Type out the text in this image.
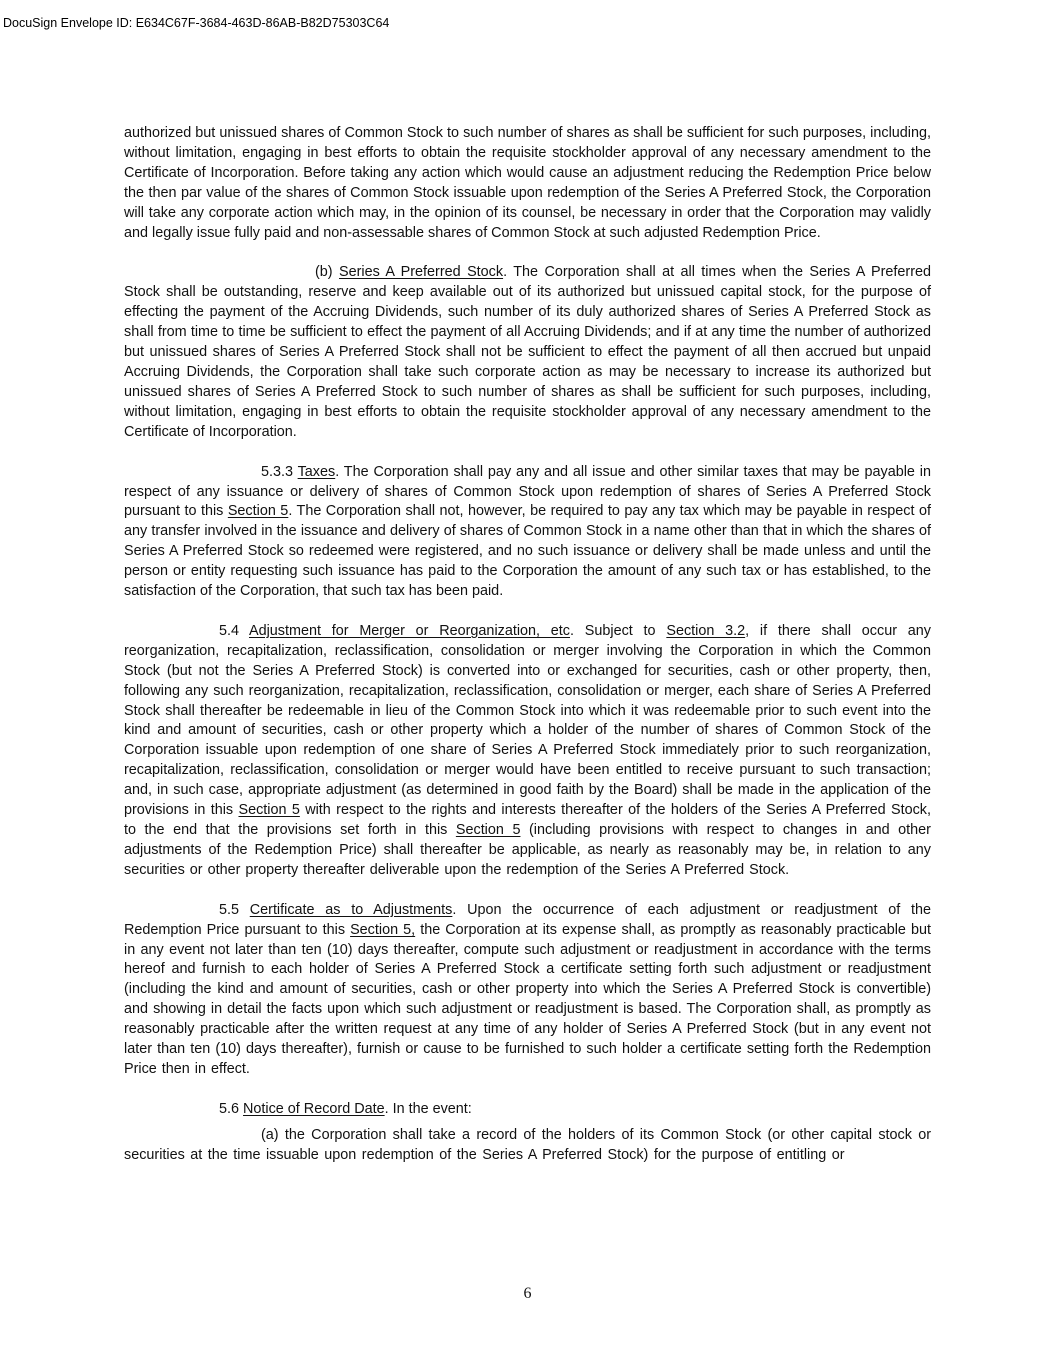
DocuSign Envelope ID: E634C67F-3684-463D-86AB-B82D75303C64

authorized but unissued shares of Common Stock to such number of shares as shall be sufficient for such purposes, including, without limitation, engaging in best efforts to obtain the requisite stockholder approval of any necessary amendment to the Certificate of Incorporation. Before taking any action which would cause an adjustment reducing the Redemption Price below the then par value of the shares of Common Stock issuable upon redemption of the Series A Preferred Stock, the Corporation will take any corporate action which may, in the opinion of its counsel, be necessary in order that the Corporation may validly and legally issue fully paid and non-assessable shares of Common Stock at such adjusted Redemption Price.

(b) Series A Preferred Stock. The Corporation shall at all times when the Series A Preferred Stock shall be outstanding, reserve and keep available out of its authorized but unissued capital stock, for the purpose of effecting the payment of the Accruing Dividends, such number of its duly authorized shares of Series A Preferred Stock as shall from time to time be sufficient to effect the payment of all Accruing Dividends; and if at any time the number of authorized but unissued shares of Series A Preferred Stock shall not be sufficient to effect the payment of all then accrued but unpaid Accruing Dividends, the Corporation shall take such corporate action as may be necessary to increase its authorized but unissued shares of Series A Preferred Stock to such number of shares as shall be sufficient for such purposes, including, without limitation, engaging in best efforts to obtain the requisite stockholder approval of any necessary amendment to the Certificate of Incorporation.

5.3.3 Taxes. The Corporation shall pay any and all issue and other similar taxes that may be payable in respect of any issuance or delivery of shares of Common Stock upon redemption of shares of Series A Preferred Stock pursuant to this Section 5. The Corporation shall not, however, be required to pay any tax which may be payable in respect of any transfer involved in the issuance and delivery of shares of Common Stock in a name other than that in which the shares of Series A Preferred Stock so redeemed were registered, and no such issuance or delivery shall be made unless and until the person or entity requesting such issuance has paid to the Corporation the amount of any such tax or has established, to the satisfaction of the Corporation, that such tax has been paid.

5.4 Adjustment for Merger or Reorganization, etc. Subject to Section 3.2, if there shall occur any reorganization, recapitalization, reclassification, consolidation or merger involving the Corporation in which the Common Stock (but not the Series A Preferred Stock) is converted into or exchanged for securities, cash or other property, then, following any such reorganization, recapitalization, reclassification, consolidation or merger, each share of Series A Preferred Stock shall thereafter be redeemable in lieu of the Common Stock into which it was redeemable prior to such event into the kind and amount of securities, cash or other property which a holder of the number of shares of Common Stock of the Corporation issuable upon redemption of one share of Series A Preferred Stock immediately prior to such reorganization, recapitalization, reclassification, consolidation or merger would have been entitled to receive pursuant to such transaction; and, in such case, appropriate adjustment (as determined in good faith by the Board) shall be made in the application of the provisions in this Section 5 with respect to the rights and interests thereafter of the holders of the Series A Preferred Stock, to the end that the provisions set forth in this Section 5 (including provisions with respect to changes in and other adjustments of the Redemption Price) shall thereafter be applicable, as nearly as reasonably may be, in relation to any securities or other property thereafter deliverable upon the redemption of the Series A Preferred Stock.

5.5 Certificate as to Adjustments. Upon the occurrence of each adjustment or readjustment of the Redemption Price pursuant to this Section 5, the Corporation at its expense shall, as promptly as reasonably practicable but in any event not later than ten (10) days thereafter, compute such adjustment or readjustment in accordance with the terms hereof and furnish to each holder of Series A Preferred Stock a certificate setting forth such adjustment or readjustment (including the kind and amount of securities, cash or other property into which the Series A Preferred Stock is convertible) and showing in detail the facts upon which such adjustment or readjustment is based. The Corporation shall, as promptly as reasonably practicable after the written request at any time of any holder of Series A Preferred Stock (but in any event not later than ten (10) days thereafter), furnish or cause to be furnished to such holder a certificate setting forth the Redemption Price then in effect.

5.6 Notice of Record Date. In the event:

(a) the Corporation shall take a record of the holders of its Common Stock (or other capital stock or securities at the time issuable upon redemption of the Series A Preferred Stock) for the purpose of entitling or

6
